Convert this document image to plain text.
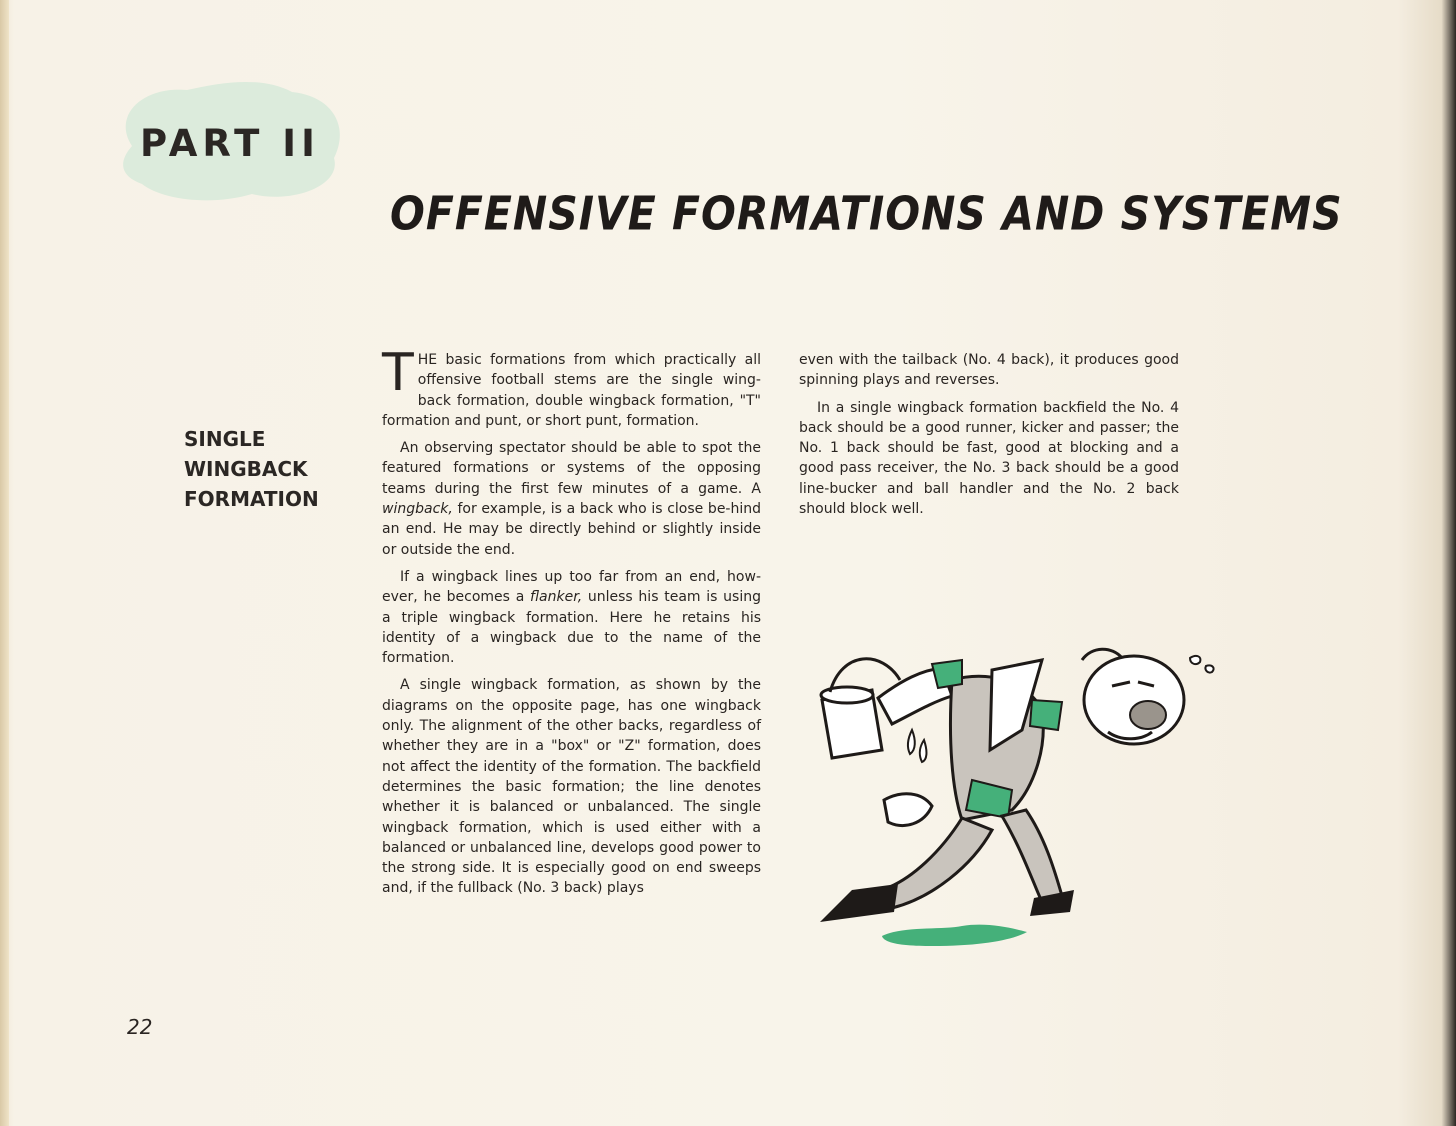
PART II
OFFENSIVE FORMATIONS AND SYSTEMS
SINGLE
WINGBACK
FORMATION

THE basic formations from which practically all offensive football stems are the single wing-back formation, double wingback formation, "T" formation and punt, or short punt, formation.

An observing spectator should be able to spot the featured formations or systems of the opposing teams during the first few minutes of a game. A wingback, for example, is a back who is close be-hind an end. He may be directly behind or slightly inside or outside the end.

If a wingback lines up too far from an end, how-ever, he becomes a flanker, unless his team is using a triple wingback formation. Here he retains his identity of a wingback due to the name of the formation.

A single wingback formation, as shown by the diagrams on the opposite page, has one wingback only. The alignment of the other backs, regardless of whether they are in a "box" or "Z" formation, does not affect the identity of the formation. The backfield determines the basic formation; the line denotes whether it is balanced or unbalanced. The single wingback formation, which is used either with a balanced or unbalanced line, develops good power to the strong side. It is especially good on end sweeps and, if the fullback (No. 3 back) plays

even with the tailback (No. 4 back), it produces good spinning plays and reverses.

In a single wingback formation backfield the No. 4 back should be a good runner, kicker and passer; the No. 1 back should be fast, good at blocking and a good pass receiver, the No. 3 back should be a good line-bucker and ball handler and the No. 2 back should block well.

22
